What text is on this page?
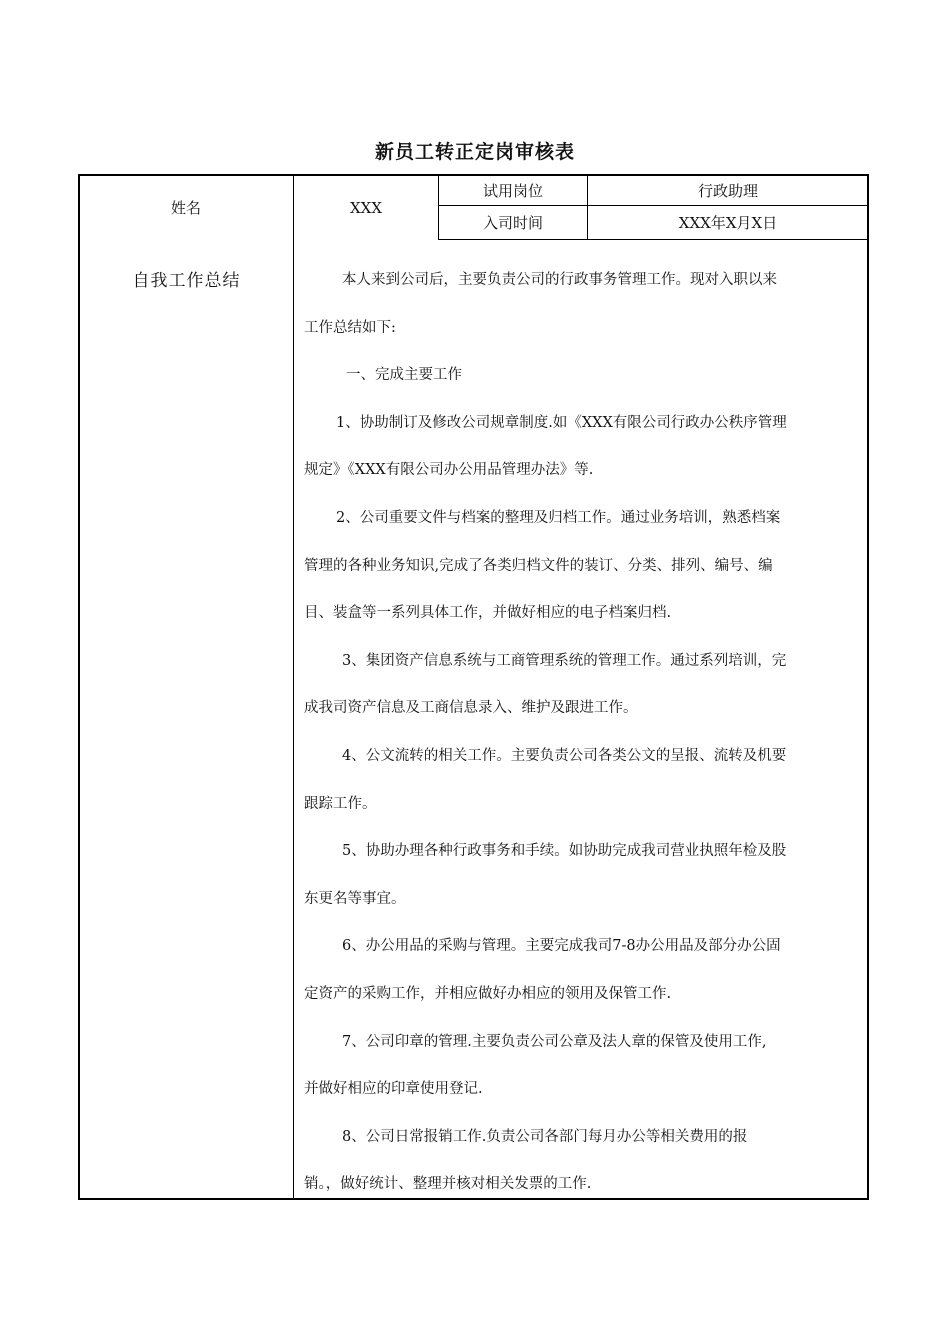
新员工转正定岗审核表
姓名	XXX
试用岗位	行政助理
入司时间	XXX年X月X日
自我工作总结	本人来到公司后，主要负责公司的行政事务管理工作。现对入职以来

工作总结如下:

一、完成主要工作

1、协助制订及修改公司规章制度.如《XXX有限公司行政办公秩序管理

规定》《XXX有限公司办公用品管理办法》等.

2、公司重要文件与档案的整理及归档工作。通过业务培训，熟悉档案

管理的各种业务知识,完成了各类归档文件的装订、分类、排列、编号、编

目、装盒等一系列具体工作，并做好相应的电子档案归档.

3、集团资产信息系统与工商管理系统的管理工作。通过系列培训，完

成我司资产信息及工商信息录入、维护及跟进工作。

4、公文流转的相关工作。主要负责公司各类公文的呈报、流转及机要

跟踪工作。

5、协助办理各种行政事务和手续。如协助完成我司营业执照年检及股

东更名等事宜。

6、办公用品的采购与管理。主要完成我司7-8办公用品及部分办公固

定资产的采购工作，并相应做好办相应的领用及保管工作.

7、公司印章的管理.主要负责公司公章及法人章的保管及使用工作,

并做好相应的印章使用登记.

8、公司日常报销工作.负责公司各部门每月办公等相关费用的报

销。，做好统计、整理并核对相关发票的工作.
